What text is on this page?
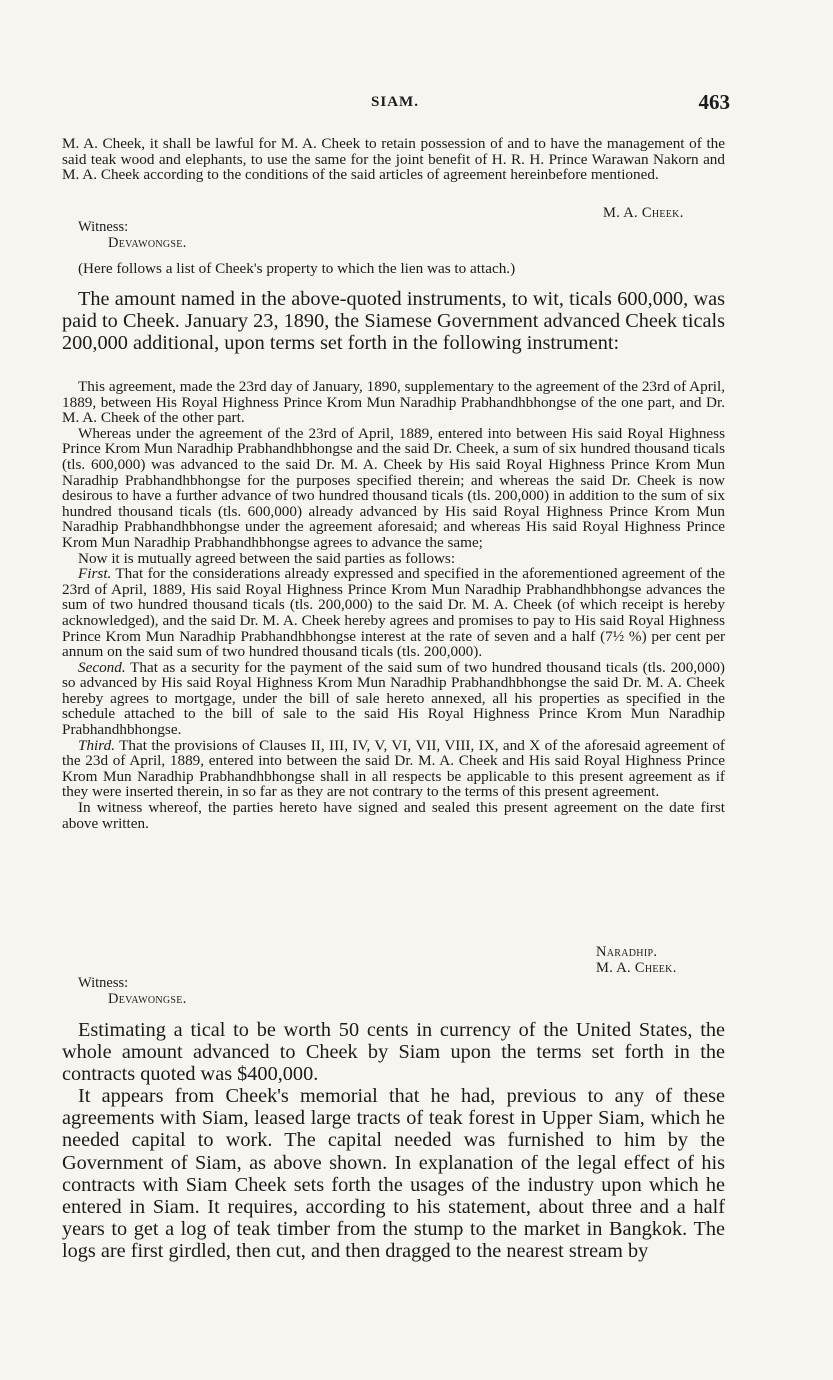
SIAM.	463

M. A. Cheek, it shall be lawful for M. A. Cheek to retain possession of and to have the management of the said teak wood and elephants, to use the same for the joint benefit of H. R. H. Prince Warawan Nakorn and M. A. Cheek according to the conditions of the said articles of agreement hereinbefore mentioned.

M. A. Cheek.
Witness:
Devawongse.

(Here follows a list of Cheek's property to which the lien was to attach.)

The amount named in the above-quoted instruments, to wit, ticals 600,000, was paid to Cheek. January 23, 1890, the Siamese Government advanced Cheek ticals 200,000 additional, upon terms set forth in the following instrument:

This agreement, made the 23rd day of January, 1890, supplementary to the agreement of the 23rd of April, 1889, between His Royal Highness Prince Krom Mun Naradhip Prabhandhbhongse of the one part, and Dr. M. A. Cheek of the other part.

Whereas under the agreement of the 23rd of April, 1889, entered into between His said Royal Highness Prince Krom Mun Naradhip Prabhandhbhongse and the said Dr. Cheek, a sum of six hundred thousand ticals (tls. 600,000) was advanced to the said Dr. M. A. Cheek by His said Royal Highness Prince Krom Mun Naradhip Prabhandhbhongse for the purposes specified therein; and whereas the said Dr. Cheek is now desirous to have a further advance of two hundred thousand ticals (tls. 200,000) in addition to the sum of six hundred thousand ticals (tls. 600,000) already advanced by His said Royal Highness Prince Krom Mun Naradhip Prabhandhbhongse under the agreement aforesaid; and whereas His said Royal Highness Prince Krom Mun Naradhip Prabhandhbhongse agrees to advance the same;

Now it is mutually agreed between the said parties as follows:

First. That for the considerations already expressed and specified in the aforementioned agreement of the 23rd of April, 1889, His said Royal Highness Prince Krom Mun Naradhip Prabhandhbhongse advances the sum of two hundred thousand ticals (tls. 200,000) to the said Dr. M. A. Cheek (of which receipt is hereby acknowledged), and the said Dr. M. A. Cheek hereby agrees and promises to pay to His said Royal Highness Prince Krom Mun Naradhip Prabhandhbhongse interest at the rate of seven and a half (7½ %) per cent per annum on the said sum of two hundred thousand ticals (tls. 200,000).

Second. That as a security for the payment of the said sum of two hundred thousand ticals (tls. 200,000) so advanced by His said Royal Highness Krom Mun Naradhip Prabhandhbhongse the said Dr. M. A. Cheek hereby agrees to mortgage, under the bill of sale hereto annexed, all his properties as specified in the schedule attached to the bill of sale to the said His Royal Highness Prince Krom Mun Naradhip Prabhandhbhongse.

Third. That the provisions of Clauses II, III, IV, V, VI, VII, VIII, IX, and X of the aforesaid agreement of the 23d of April, 1889, entered into between the said Dr. M. A. Cheek and His said Royal Highness Prince Krom Mun Naradhip Prabhandhbhongse shall in all respects be applicable to this present agreement as if they were inserted therein, in so far as they are not contrary to the terms of this present agreement.

In witness whereof, the parties hereto have signed and sealed this present agreement on the date first above written.

Naradhip.
M. A. Cheek.
Witness:
Devawongse.

Estimating a tical to be worth 50 cents in currency of the United States, the whole amount advanced to Cheek by Siam upon the terms set forth in the contracts quoted was $400,000.

It appears from Cheek's memorial that he had, previous to any of these agreements with Siam, leased large tracts of teak forest in Upper Siam, which he needed capital to work. The capital needed was furnished to him by the Government of Siam, as above shown. In explanation of the legal effect of his contracts with Siam Cheek sets forth the usages of the industry upon which he entered in Siam. It requires, according to his statement, about three and a half years to get a log of teak timber from the stump to the market in Bangkok. The logs are first girdled, then cut, and then dragged to the nearest stream by
